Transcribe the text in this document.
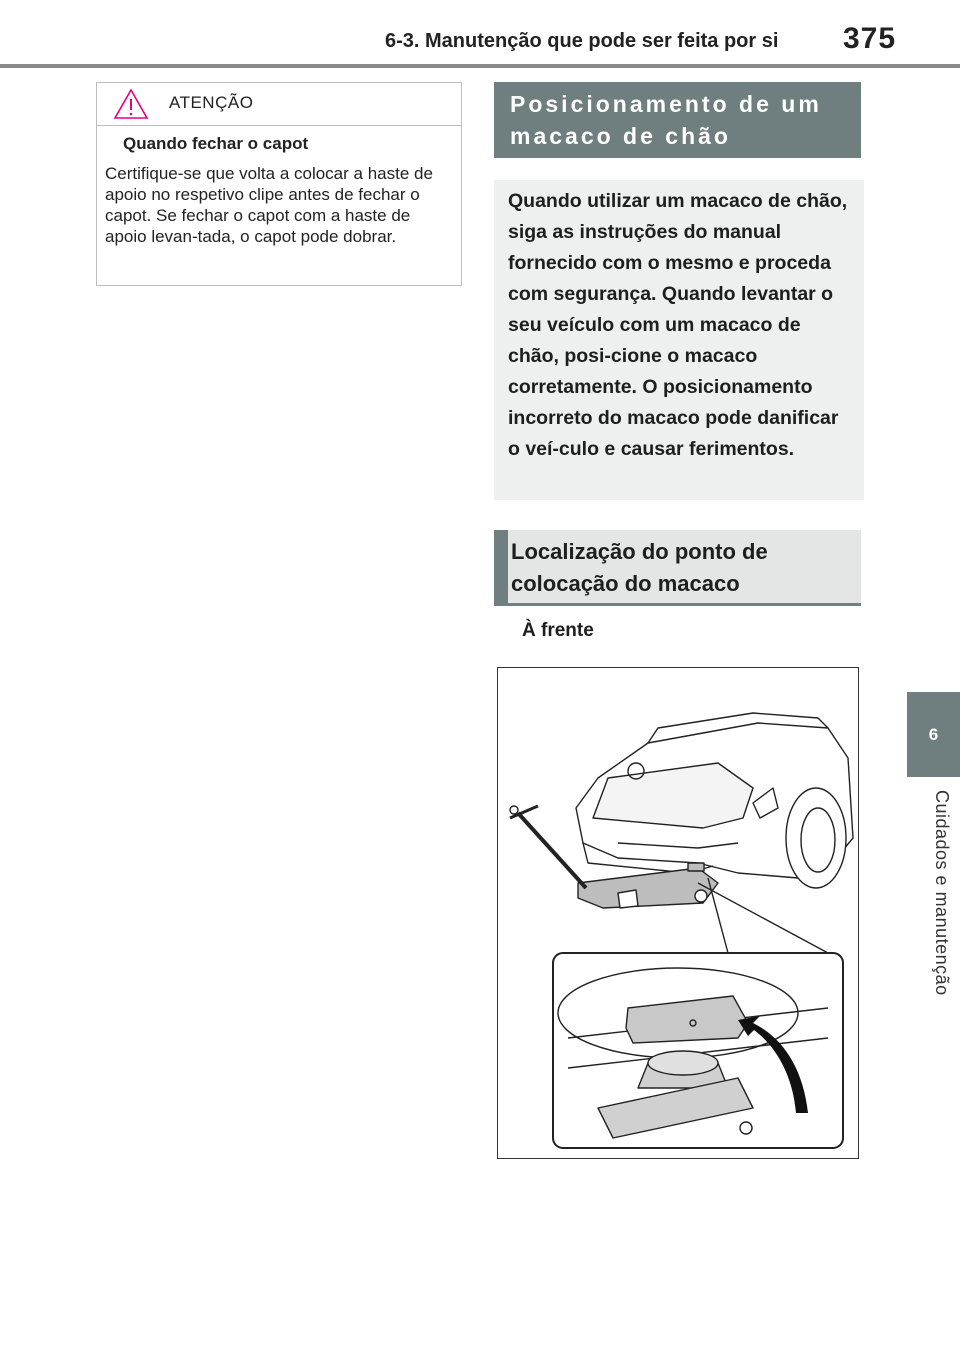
6-3. Manutenção que pode ser feita por si 375
6
Cuidados e manutenção
ATENÇÃO
Quando fechar o capot
Certifique-se que volta a colocar a haste de apoio no respetivo clipe antes de fechar o capot. Se fechar o capot com a haste de apoio levan-tada, o capot pode dobrar.
Posicionamento de um macaco de chão
Quando utilizar um macaco de chão, siga as instruções do manual fornecido com o mesmo e proceda com segurança. Quando levantar o seu veículo com um macaco de chão, posi-cione o macaco corretamente. O posicionamento incorreto do macaco pode danificar o veí-culo e causar ferimentos.
Localização do ponto de colocação do macaco
À frente
